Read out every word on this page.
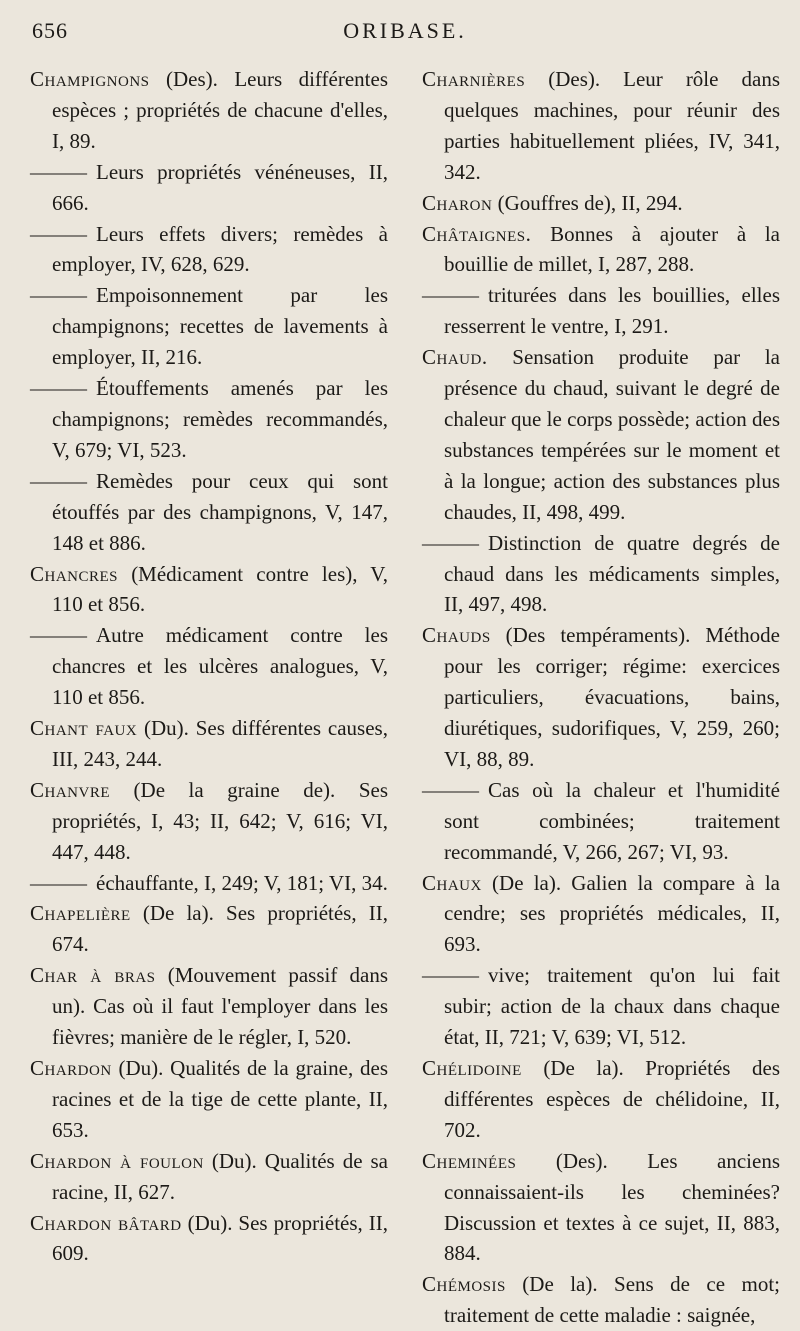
656	ORIBASE.
Champignons (Des). Leurs différentes espèces ; propriétés de chacune d'elles, I, 89.
——— Leurs propriétés vénéneuses, II, 666.
——— Leurs effets divers; remèdes à employer, IV, 628, 629.
——— Empoisonnement par les champignons; recettes de lavements à employer, II, 216.
——— Étouffements amenés par les champignons; remèdes recommandés, V, 679; VI, 523.
——— Remèdes pour ceux qui sont étouffés par des champignons, V, 147, 148 et 886.
Chancres (Médicament contre les), V, 110 et 856.
——— Autre médicament contre les chancres et les ulcères analogues, V, 110 et 856.
Chant faux (Du). Ses différentes causes, III, 243, 244.
Chanvre (De la graine de). Ses propriétés, I, 43; II, 642; V, 616; VI, 447, 448.
——— échauffante, I, 249; V, 181; VI, 34.
Chapelière (De la). Ses propriétés, II, 674.
Char à bras (Mouvement passif dans un). Cas où il faut l'employer dans les fièvres; manière de le régler, I, 520.
Chardon (Du). Qualités de la graine, des racines et de la tige de cette plante, II, 653.
Chardon à foulon (Du). Qualités de sa racine, II, 627.
Chardon bâtard (Du). Ses propriétés, II, 609.
Charnières (Des). Leur rôle dans quelques machines, pour réunir des parties habituellement pliées, IV, 341, 342.
Charon (Gouffres de), II, 294.
Châtaignes. Bonnes à ajouter à la bouillie de millet, I, 287, 288.
——— triturées dans les bouillies, elles resserrent le ventre, I, 291.
Chaud. Sensation produite par la présence du chaud, suivant le degré de chaleur que le corps possède; action des substances tempérées sur le moment et à la longue; action des substances plus chaudes, II, 498, 499.
——— Distinction de quatre degrés de chaud dans les médicaments simples, II, 497, 498.
Chauds (Des tempéraments). Méthode pour les corriger; régime: exercices particuliers, évacuations, bains, diurétiques, sudorifiques, V, 259, 260; VI, 88, 89.
——— Cas où la chaleur et l'humidité sont combinées; traitement recommandé, V, 266, 267; VI, 93.
Chaux (De la). Galien la compare à la cendre; ses propriétés médicales, II, 693.
——— vive; traitement qu'on lui fait subir; action de la chaux dans chaque état, II, 721; V, 639; VI, 512.
Chélidoine (De la). Propriétés des différentes espèces de chélidoine, II, 702.
Cheminées (Des). Les anciens connaissaient-ils les cheminées? Discussion et textes à ce sujet, II, 883, 884.
Chémosis (De la). Sens de ce mot; traitement de cette maladie : saignée,
